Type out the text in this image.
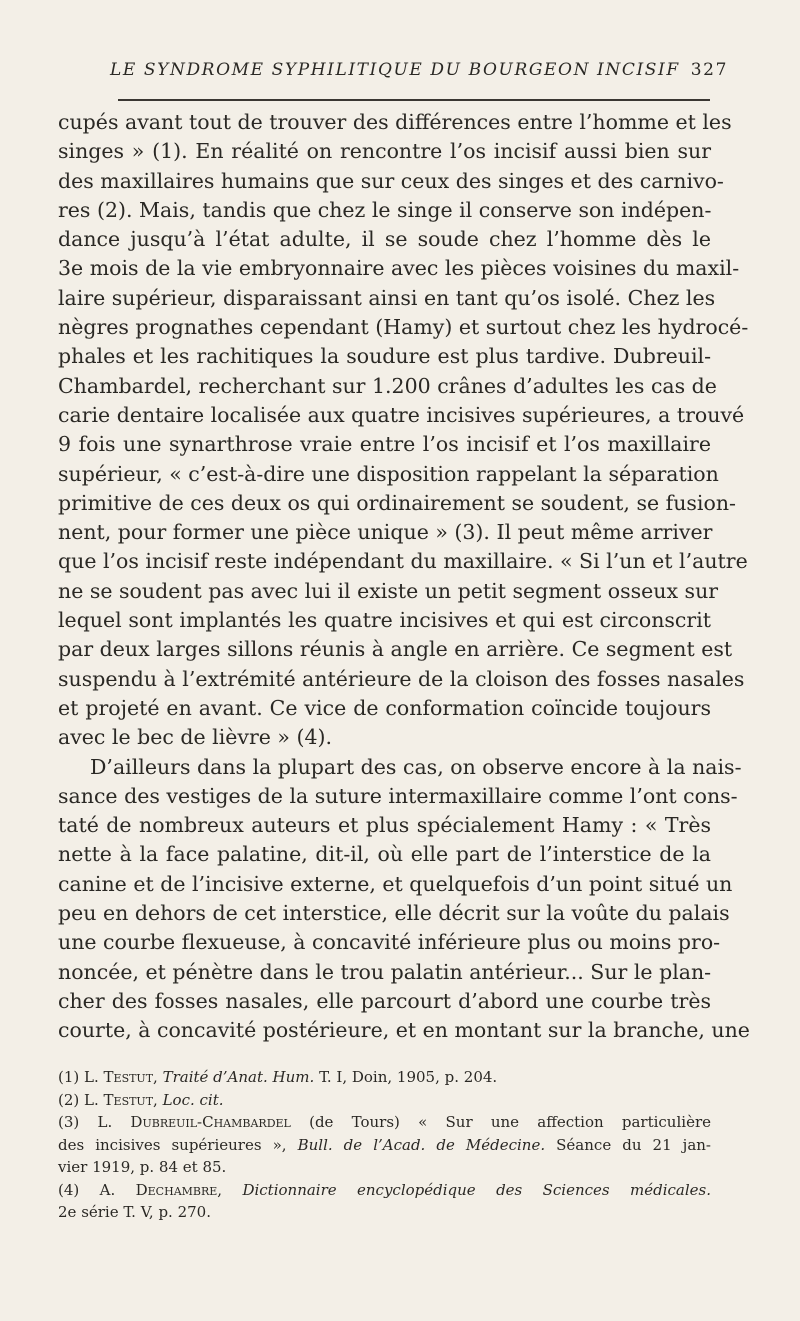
LE SYNDROME SYPHILITIQUE DU BOURGEON INCISIF 327
cupés avant tout de trouver des différences entre l’homme et les
singes » (1). En réalité on rencontre l’os incisif aussi bien sur
des maxillaires humains que sur ceux des singes et des carnivo-
res (2). Mais, tandis que chez le singe il conserve son indépen-
dance jusqu’à l’état adulte, il se soude chez l’homme dès le
3e mois de la vie embryonnaire avec les pièces voisines du maxil-
laire supérieur, disparaissant ainsi en tant qu’os isolé. Chez les
nègres prognathes cependant (Hamy) et surtout chez les hydrocé-
phales et les rachitiques la soudure est plus tardive. Dubreuil-
Chambardel, recherchant sur 1.200 crânes d’adultes les cas de
carie dentaire localisée aux quatre incisives supérieures, a trouvé
9 fois une synarthrose vraie entre l’os incisif et l’os maxillaire
supérieur, « c’est-à-dire une disposition rappelant la séparation
primitive de ces deux os qui ordinairement se soudent, se fusion-
nent, pour former une pièce unique » (3). Il peut même arriver
que l’os incisif reste indépendant du maxillaire. « Si l’un et l’autre
ne se soudent pas avec lui il existe un petit segment osseux sur
lequel sont implantés les quatre incisives et qui est circonscrit
par deux larges sillons réunis à angle en arrière. Ce segment est
suspendu à l’extrémité antérieure de la cloison des fosses nasales
et projeté en avant. Ce vice de conformation coïncide toujours
avec le bec de lièvre » (4).
D’ailleurs dans la plupart des cas, on observe encore à la nais-
sance des vestiges de la suture intermaxillaire comme l’ont cons-
taté de nombreux auteurs et plus spécialement Hamy : « Très
nette à la face palatine, dit-il, où elle part de l’interstice de la
canine et de l’incisive externe, et quelquefois d’un point situé un
peu en dehors de cet interstice, elle décrit sur la voûte du palais
une courbe flexueuse, à concavité inférieure plus ou moins pro-
noncée, et pénètre dans le trou palatin antérieur... Sur le plan-
cher des fosses nasales, elle parcourt d’abord une courbe très
courte, à concavité postérieure, et en montant sur la branche, une
(1) L. Testut, Traité d’Anat. Hum. T. I, Doin, 1905, p. 204.
(2) L. Testut, Loc. cit.
(3) L. Dubreuil-Chambardel (de Tours) « Sur une affection particulière
des incisives supérieures », Bull. de l’Acad. de Médecine. Séance du 21 jan-
vier 1919, p. 84 et 85.
(4) A. Dechambre, Dictionnaire encyclopédique des Sciences médicales.
2e série T. V, p. 270.
